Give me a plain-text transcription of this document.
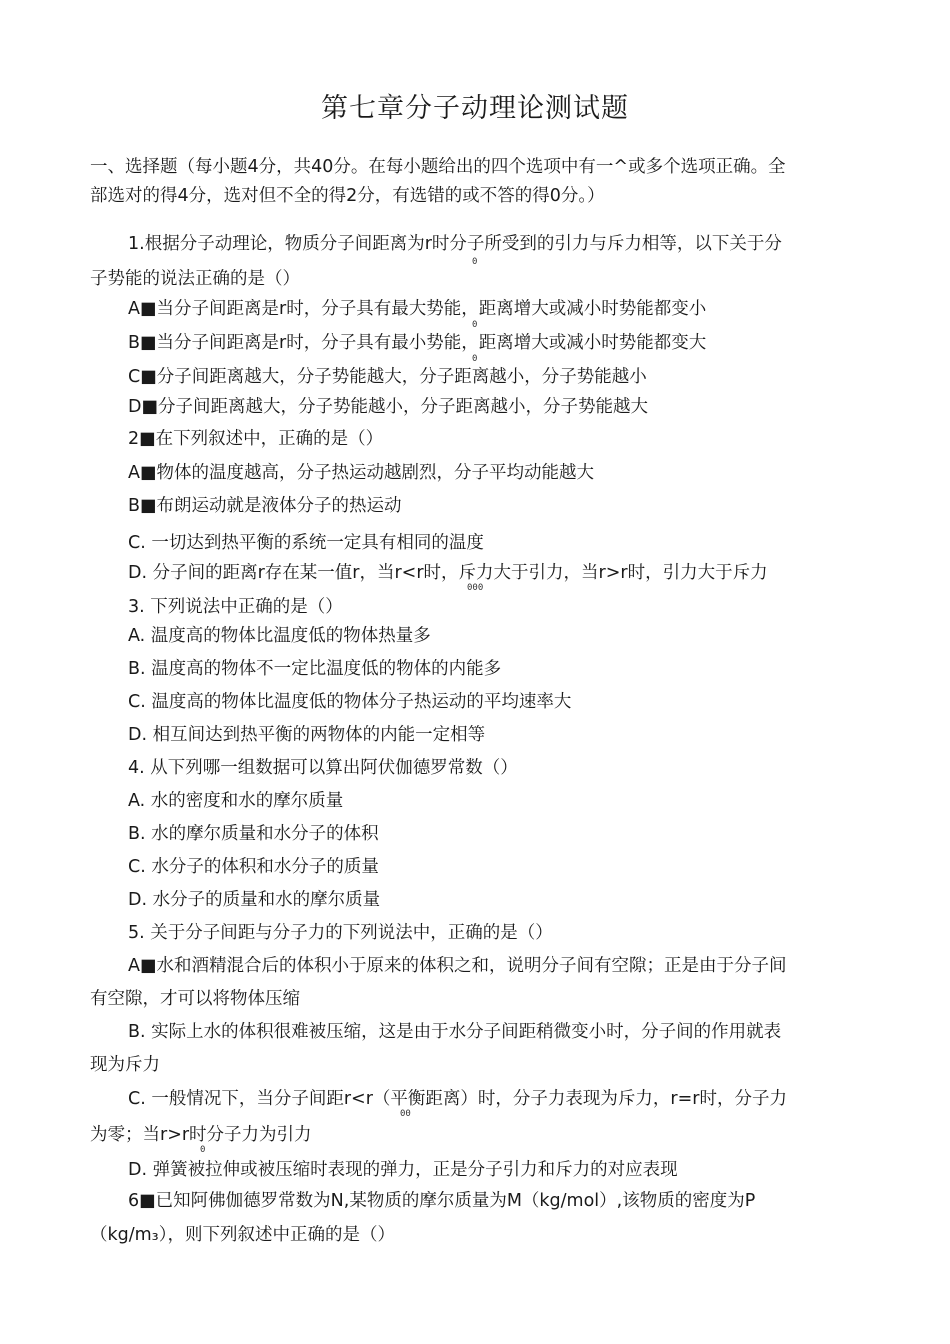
第七章分子动理论测试题
一、选择题（每小题4分，共40分。在每小题给出的四个选项中有一^或多个选项正确。全
部选对的得4分，选对但不全的得2分，有选错的或不答的得0分。）
1.根据分子动理论，物质分子间距离为r时分子所受到的引力与斥力相等，以下关于分
0
子势能的说法正确的是（）
A■当分子间距离是r时，分子具有最大势能，距离增大或减小时势能都变小
0
B■当分子间距离是r时，分子具有最小势能，距离增大或减小时势能都变大
0
C■分子间距离越大，分子势能越大，分子距离越小，分子势能越小
D■分子间距离越大，分子势能越小，分子距离越小，分子势能越大
2■在下列叙述中，正确的是（）
A■物体的温度越高，分子热运动越剧烈，分子平均动能越大
B■布朗运动就是液体分子的热运动
C. 一切达到热平衡的系统一定具有相同的温度
D. 分子间的距离r存在某一值r，当r<r时，斥力大于引力，当r>r时，引力大于斥力
000
3. 下列说法中正确的是（）
A. 温度高的物体比温度低的物体热量多
B. 温度高的物体不一定比温度低的物体的内能多
C. 温度高的物体比温度低的物体分子热运动的平均速率大
D. 相互间达到热平衡的两物体的内能一定相等
4. 从下列哪一组数据可以算出阿伏伽德罗常数（）
A. 水的密度和水的摩尔质量
B. 水的摩尔质量和水分子的体积
C. 水分子的体积和水分子的质量
D. 水分子的质量和水的摩尔质量
5. 关于分子间距与分子力的下列说法中，正确的是（）
A■水和酒精混合后的体积小于原来的体积之和，说明分子间有空隙；正是由于分子间
有空隙，才可以将物体压缩
B. 实际上水的体积很难被压缩，这是由于水分子间距稍微变小时，分子间的作用就表
现为斥力
C. 一般情况下，当分子间距r<r（平衡距离）时，分子力表现为斥力，r=r时，分子力
00
为零；当r>r时分子力为引力
0
D. 弹簧被拉伸或被压缩时表现的弹力，正是分子引力和斥力的对应表现
6■已知阿佛伽德罗常数为N,某物质的摩尔质量为M（kg/mol）,该物质的密度为P
（kg/m₃），则下列叙述中正确的是（）
